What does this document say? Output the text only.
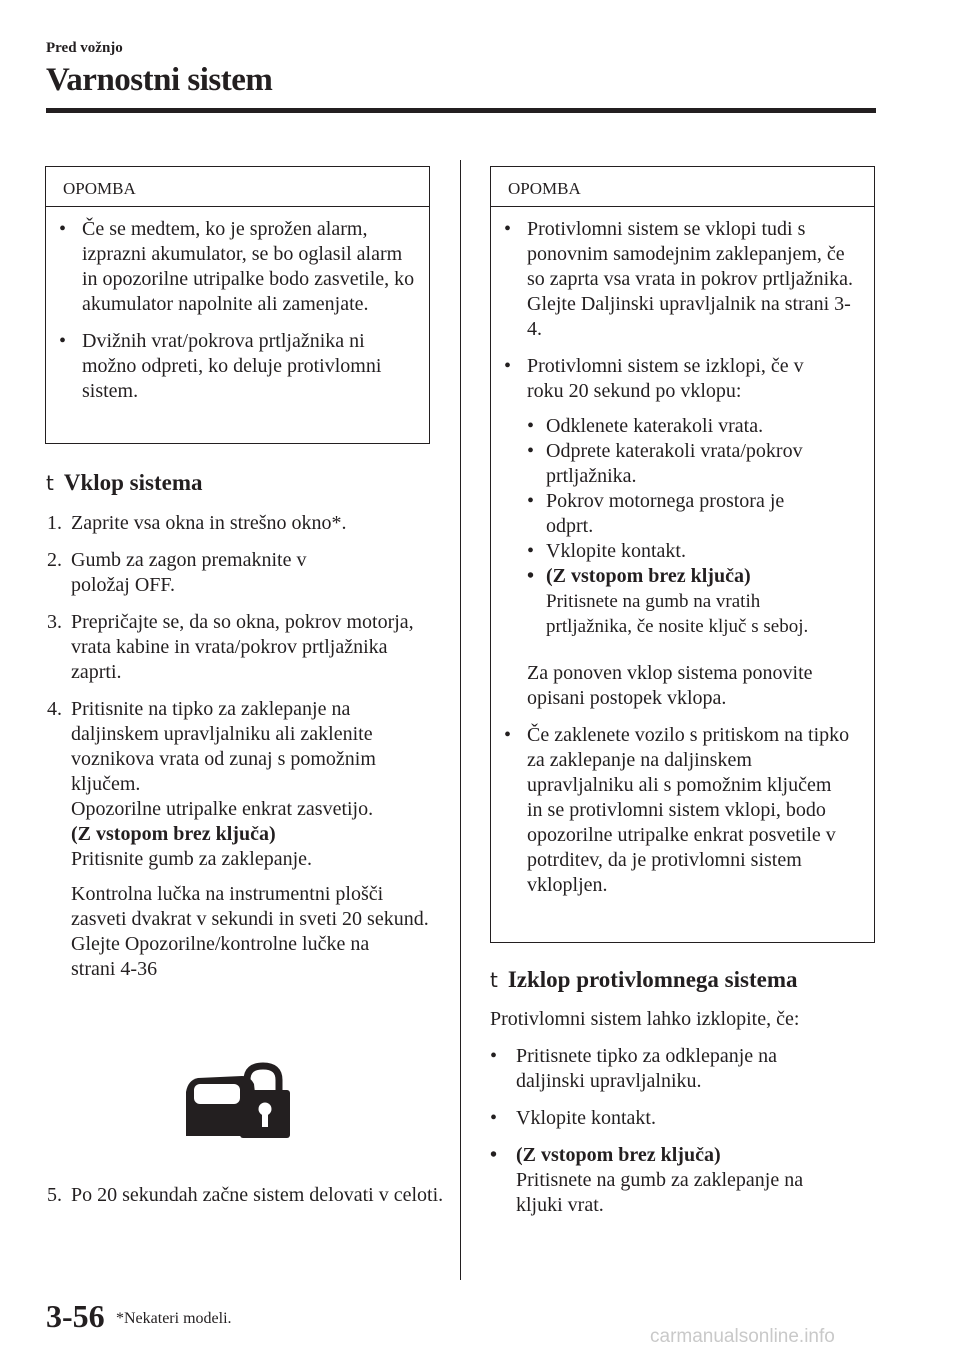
Pred vožnjo
Varnostni sistem
OPOMBA
• Če se medtem, ko je sprožen alarm, izprazni akumulator, se bo oglasil alarm in opozorilne utripalke bodo zasvetile, ko akumulator napolnite ali zamenjate.
• Dvižnih vrat/pokrova prtljažnika ni možno odpreti, ko deluje protivlomni sistem.
t Vklop sistema
1. Zaprite vsa okna in strešno okno*.
2. Gumb za zagon premaknite v položaj OFF.
3. Prepričajte se, da so okna, pokrov motorja, vrata kabine in vrata/pokrov prtljažnika zaprti.
4. Pritisnite na tipko za zaklepanje na daljinskem upravljalniku ali zaklenite voznikova vrata od zunaj s pomožnim ključem.
Opozorilne utripalke enkrat zasvetijo.
(Z vstopom brez ključa)
Pritisnite gumb za zaklepanje.
Kontrolna lučka na instrumentni plošči zasveti dvakrat v sekundi in sveti 20 sekund.
Glejte Opozorilne/kontrolne lučke na strani 4-36
5. Po 20 sekundah začne sistem delovati v celoti.
OPOMBA
• Protivlomni sistem se vklopi tudi s ponovnim samodejnim zaklepanjem, če so zaprta vsa vrata in pokrov prtljažnika.
Glejte Daljinski upravljalnik na strani 3-4.
• Protivlomni sistem se izklopi, če v roku 20 sekund po vklopu:
• Odklenete katerakoli vrata.
• Odprete katerakoli vrata/pokrov prtljažnika.
• Pokrov motornega prostora je odprt.
• Vklopite kontakt.
• (Z vstopom brez ključa)
Pritisnete na gumb na vratih prtljažnika, če nosite ključ s seboj.
Za ponoven vklop sistema ponovite opisani postopek vklopa.
• Če zaklenete vozilo s pritiskom na tipko za zaklepanje na daljinskem upravljalniku ali s pomožnim ključem in se protivlomni sistem vklopi, bodo opozorilne utripalke enkrat posvetile v potrditev, da je protivlomni sistem vklopljen.
t Izklop protivlomnega sistema
Protivlomni sistem lahko izklopite, če:
• Pritisnete tipko za odklepanje na daljinski upravljalniku.
• Vklopite kontakt.
• (Z vstopom brez ključa)
Pritisnete na gumb za zaklepanje na kljuki vrat.
3-56 *Nekateri modeli.
carmanualsonline.info
